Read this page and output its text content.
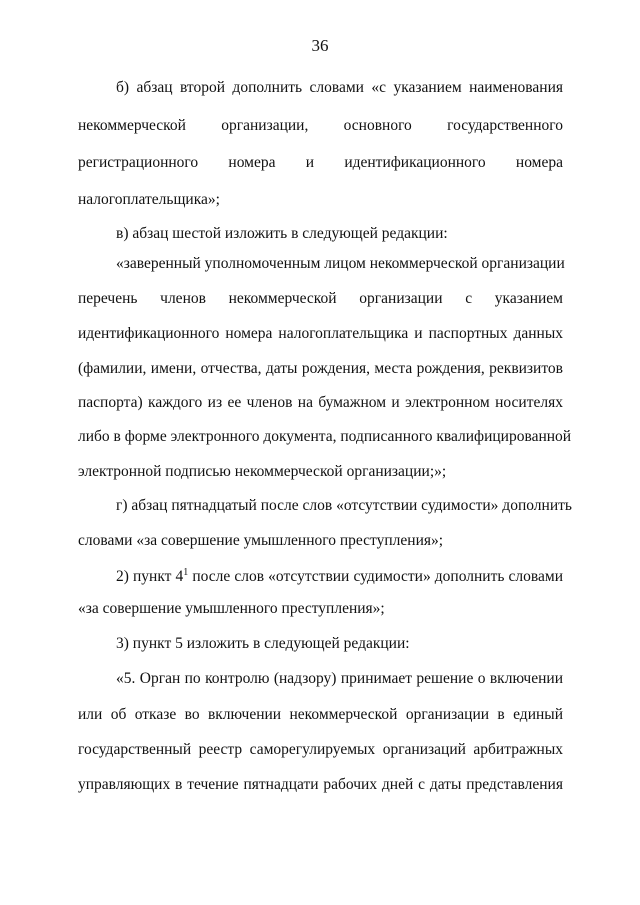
36
б) абзац второй дополнить словами «с указанием наименования
некоммерческой организации, основного государственного
регистрационного номера и идентификационного номера
налогоплательщика»;
в) абзац шестой изложить в следующей редакции:
«заверенный уполномоченным лицом некоммерческой организации
перечень членов некоммерческой организации с указанием
идентификационного номера налогоплательщика и паспортных данных
(фамилии, имени, отчества, даты рождения, места рождения, реквизитов
паспорта) каждого из ее членов на бумажном и электронном носителях
либо в форме электронного документа, подписанного квалифицированной
электронной подписью некоммерческой организации;»;
г) абзац пятнадцатый после слов «отсутствии судимости» дополнить
словами «за совершение умышленного преступления»;
2) пункт $4^1$ после слов «отсутствии судимости» дополнить словами
«за совершение умышленного преступления»;
3) пункт 5 изложить в следующей редакции:
«5. Орган по контролю (надзору) принимает решение о включении
или об отказе во включении некоммерческой организации в единый
государственный реестр саморегулируемых организаций арбитражных
управляющих в течение пятнадцати рабочих дней с даты представления
